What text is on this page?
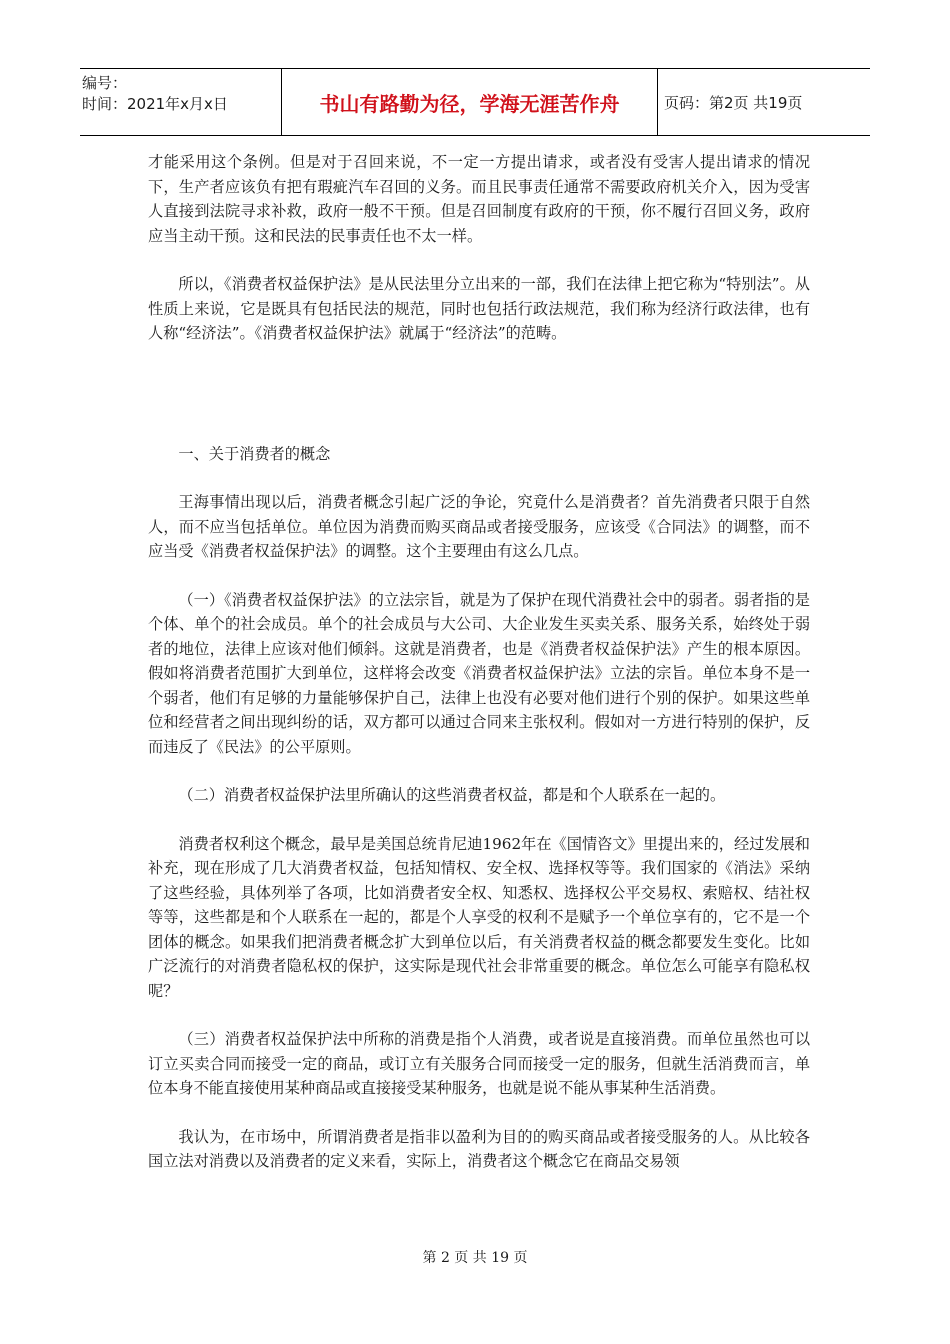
编号：
时间：2021年x月x日	书山有路勤为径，学海无涯苦作舟	页码：第2页 共19页

才能采用这个条例。但是对于召回来说，不一定一方提出请求，或者没有受害人提出请求的情况下，生产者应该负有把有瑕疵汽车召回的义务。而且民事责任通常不需要政府机关介入，因为受害人直接到法院寻求补救，政府一般不干预。但是召回制度有政府的干预，你不履行召回义务，政府应当主动干预。这和民法的民事责任也不太一样。

所以，《消费者权益保护法》是从民法里分立出来的一部，我们在法律上把它称为“特别法”。从性质上来说，它是既具有包括民法的规范，同时也包括行政法规范，我们称为经济行政法律，也有人称“经济法”。《消费者权益保护法》就属于“经济法”的范畴。

一、关于消费者的概念

王海事情出现以后，消费者概念引起广泛的争论，究竟什么是消费者？首先消费者只限于自然人，而不应当包括单位。单位因为消费而购买商品或者接受服务，应该受《合同法》的调整，而不应当受《消费者权益保护法》的调整。这个主要理由有这么几点。

（一）《消费者权益保护法》的立法宗旨，就是为了保护在现代消费社会中的弱者。弱者指的是个体、单个的社会成员。单个的社会成员与大公司、大企业发生买卖关系、服务关系，始终处于弱者的地位，法律上应该对他们倾斜。这就是消费者，也是《消费者权益保护法》产生的根本原因。假如将消费者范围扩大到单位，这样将会改变《消费者权益保护法》立法的宗旨。单位本身不是一个弱者，他们有足够的力量能够保护自己，法律上也没有必要对他们进行个别的保护。如果这些单位和经营者之间出现纠纷的话，双方都可以通过合同来主张权利。假如对一方进行特别的保护，反而违反了《民法》的公平原则。

（二）消费者权益保护法里所确认的这些消费者权益，都是和个人联系在一起的。

消费者权利这个概念，最早是美国总统肯尼迪1962年在《国情咨文》里提出来的，经过发展和补充，现在形成了几大消费者权益，包括知情权、安全权、选择权等等。我们国家的《消法》采纳了这些经验，具体列举了各项，比如消费者安全权、知悉权、选择权公平交易权、索赔权、结社权等等，这些都是和个人联系在一起的，都是个人享受的权利不是赋予一个单位享有的，它不是一个团体的概念。如果我们把消费者概念扩大到单位以后，有关消费者权益的概念都要发生变化。比如广泛流行的对消费者隐私权的保护，这实际是现代社会非常重要的概念。单位怎么可能享有隐私权呢？

（三）消费者权益保护法中所称的消费是指个人消费，或者说是直接消费。而单位虽然也可以订立买卖合同而接受一定的商品，或订立有关服务合同而接受一定的服务，但就生活消费而言，单位本身不能直接使用某种商品或直接接受某种服务，也就是说不能从事某种生活消费。

我认为，在市场中，所谓消费者是指非以盈利为目的的购买商品或者接受服务的人。从比较各国立法对消费以及消费者的定义来看，实际上，消费者这个概念它在商品交易领

第 2 页 共 19 页
